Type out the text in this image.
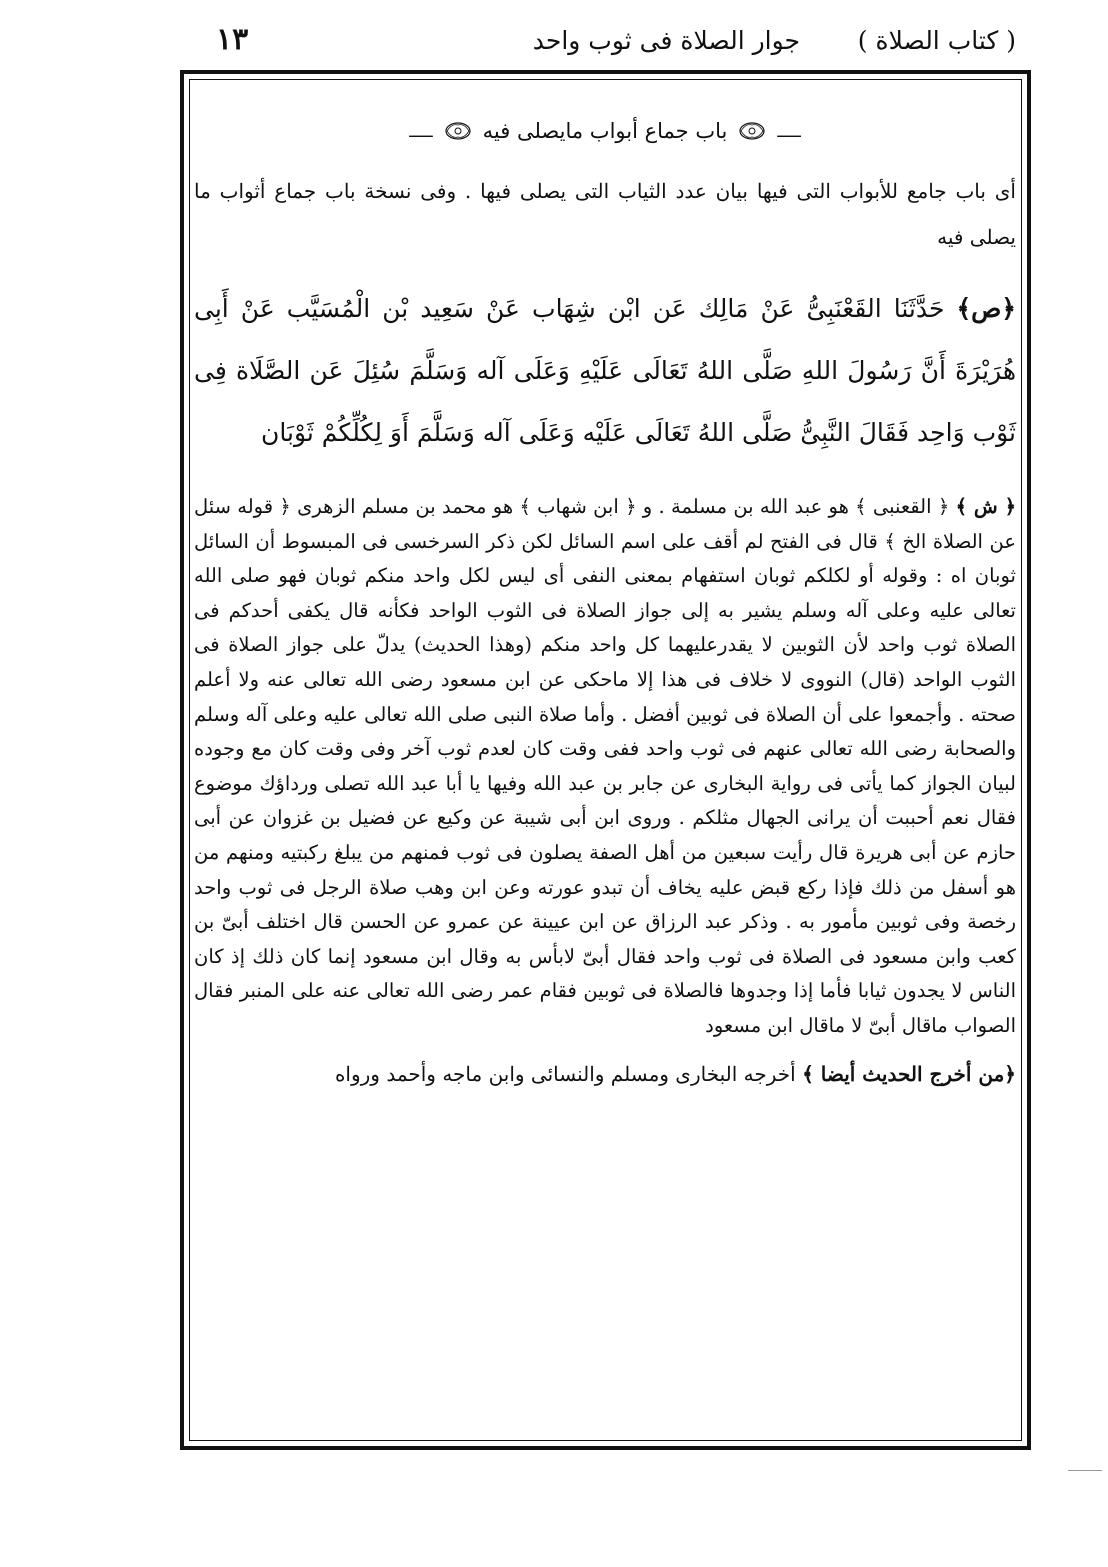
( كتاب الصلاة )
جوار الصلاة فى ثوب واحد
١٣
ـــــ
باب جماع أبواب مايصلى فيه
ـــــ
أى باب جامع للأبواب التى فيها بيان عدد الثياب التى يصلى فيها . وفى نسخة باب جماع أثواب ما يصلى فيه
﴿ص﴾ حَدَّثَنَا القَعْنَبِىُّ عَنْ مَالِك عَن ابْن شِهَاب عَنْ سَعِيد بْن الْمُسَيَّب عَنْ أَبِى هُرَيْرَةَ أَنَّ رَسُولَ اللهِ صَلَّى اللهُ تَعَالَى عَلَيْهِ وَعَلَى آله وَسَلَّمَ سُئِلَ عَن الصَّلَاة فِى ثَوْب وَاحِد فَقَالَ النَّبِىُّ صَلَّى اللهُ تَعَالَى عَلَيْه وَعَلَى آله وَسَلَّمَ أَوَ لِكُلِّكُمْ ثَوْبَان
﴿ ش ﴾ ﴿ القعنبى ﴾ هو عبد الله بن مسلمة . و ﴿ ابن شهاب ﴾ هو محمد بن مسلم الزهرى ﴿ قوله سئل عن الصلاة الخ ﴾ قال فى الفتح لم أقف على اسم السائل لكن ذكر السرخسى فى المبسوط أن السائل ثوبان اه : وقوله أو لكلكم ثوبان استفهام بمعنى النفى أى ليس لكل واحد منكم ثوبان فهو صلى الله تعالى عليه وعلى آله وسلم يشير به إلى جواز الصلاة فى الثوب الواحد فكأنه قال يكفى أحدكم فى الصلاة ثوب واحد لأن الثوبين لا يقدرعليهما كل واحد منكم (وهذا الحديث) يدلّ على جواز الصلاة فى الثوب الواحد (قال) النووى لا خلاف فى هذا إلا ماحكى عن ابن مسعود رضى الله تعالى عنه ولا أعلم صحته . وأجمعوا على أن الصلاة فى ثوبين أفضل . وأما صلاة النبى صلى الله تعالى عليه وعلى آله وسلم والصحابة رضى الله تعالى عنهم فى ثوب واحد ففى وقت كان لعدم ثوب آخر وفى وقت كان مع وجوده لبيان الجواز كما يأتى فى رواية البخارى عن جابر بن عبد الله وفيها يا أبا عبد الله تصلى ورداؤك موضوع فقال نعم أحببت أن يرانى الجهال مثلكم . وروى ابن أبى شيبة عن وكيع عن فضيل بن غزوان عن أبى حازم عن أبى هريرة قال رأيت سبعين من أهل الصفة يصلون فى ثوب فمنهم من يبلغ ركبتيه ومنهم من هو أسفل من ذلك فإذا ركع قبض عليه يخاف أن تبدو عورته وعن ابن وهب صلاة الرجل فى ثوب واحد رخصة وفى ثوبين مأمور به . وذكر عبد الرزاق عن ابن عيينة عن عمرو عن الحسن قال اختلف أبىّ بن كعب وابن مسعود فى الصلاة فى ثوب واحد فقال أبىّ لابأس به وقال ابن مسعود إنما كان ذلك إذ كان الناس لا يجدون ثيابا فأما إذا وجدوها فالصلاة فى ثوبين فقام عمر رضى الله تعالى عنه على المنبر فقال الصواب ماقال أبىّ لا ماقال ابن مسعود
﴿من أخرج الحديث أيضا ﴾ أخرجه البخارى ومسلم والنسائى وابن ماجه وأحمد ورواه
